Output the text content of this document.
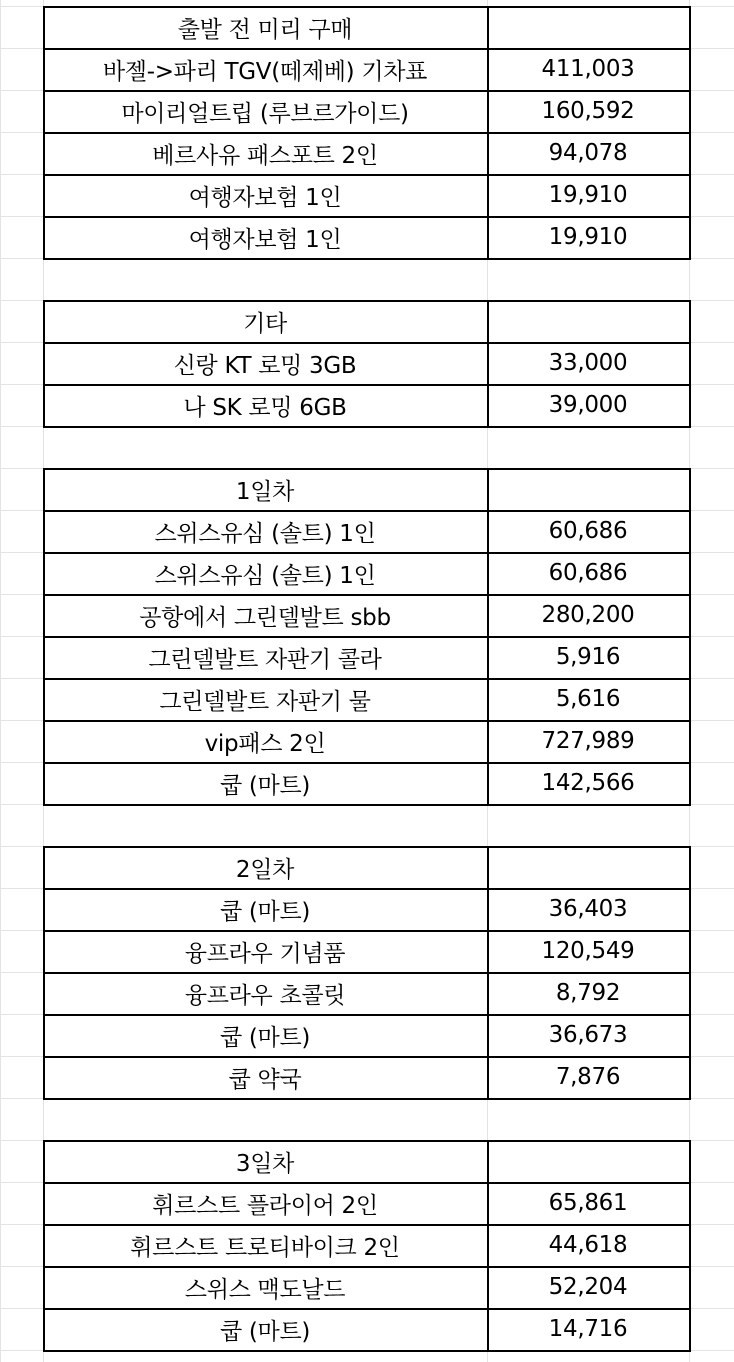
출발 전 미리 구매
바젤->파리 TGV(떼제베) 기차표	411,003
마이리얼트립 (루브르가이드)	160,592
베르사유 패스포트 2인	94,078
여행자보험 1인	19,910
여행자보험 1인	19,910
기타
신랑 KT 로밍 3GB	33,000
나 SK 로밍 6GB	39,000
1일차
스위스유심 (솔트) 1인	60,686
스위스유심 (솔트) 1인	60,686
공항에서 그린델발트 sbb	280,200
그린델발트 자판기 콜라	5,916
그린델발트 자판기 물	5,616
vip패스 2인	727,989
쿱 (마트)	142,566
2일차
쿱 (마트)	36,403
융프라우 기념품	120,549
융프라우 초콜릿	8,792
쿱 (마트)	36,673
쿱 약국	7,876
3일차
휘르스트 플라이어 2인	65,861
휘르스트 트로티바이크 2인	44,618
스위스 맥도날드	52,204
쿱 (마트)	14,716
